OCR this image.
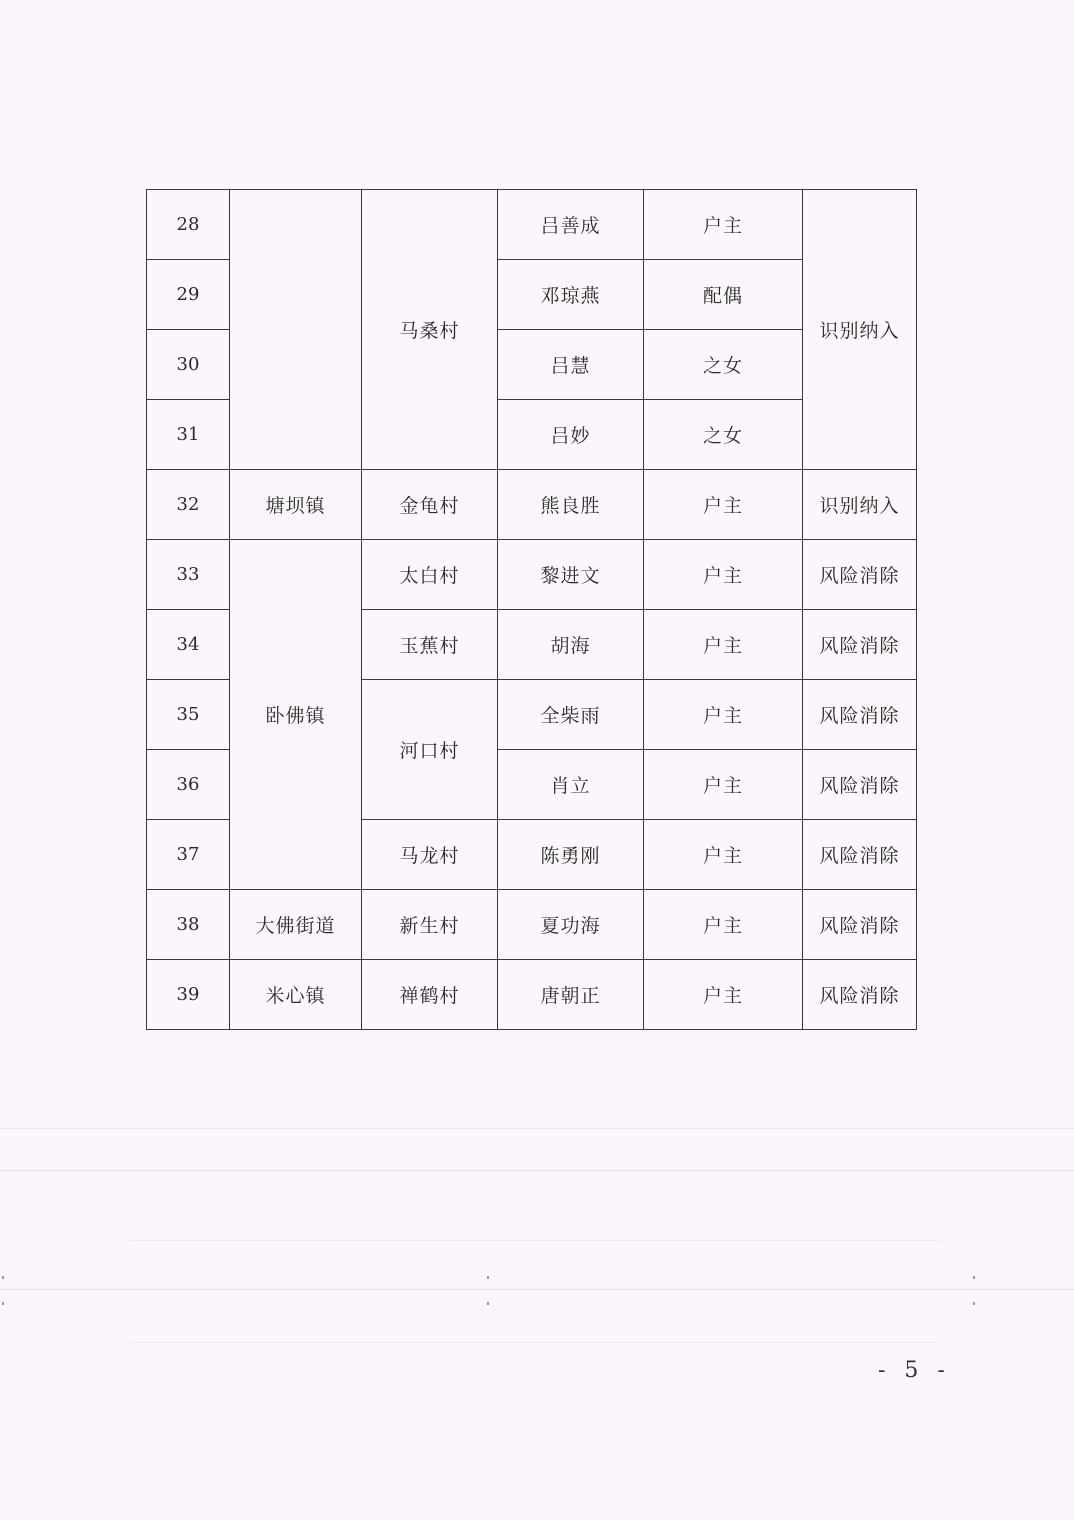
28		马桑村	吕善成	户主	识别纳入
29			邓琼燕	配偶	
30			吕慧	之女	
31			吕妙	之女	
32	塘坝镇	金龟村	熊良胜	户主	识别纳入
33	卧佛镇	太白村	黎进文	户主	风险消除
34		玉蕉村	胡海	户主	风险消除
35		河口村	全柴雨	户主	风险消除
36			肖立	户主	风险消除
37		马龙村	陈勇刚	户主	风险消除
38	大佛街道	新生村	夏功海	户主	风险消除
39	米心镇	禅鹤村	唐朝正	户主	风险消除
- 5 -
